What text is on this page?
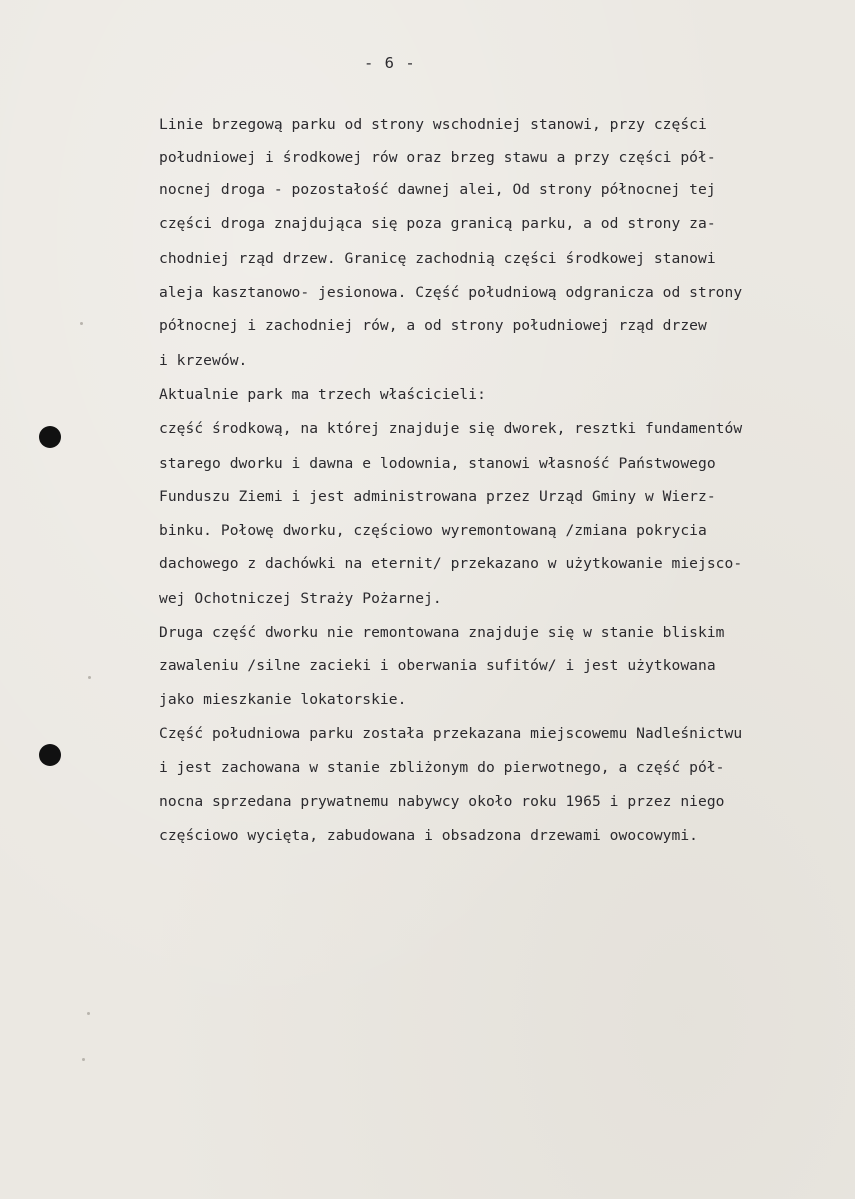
- 6 -
Linie brzegową parku od strony wschodniej stanowi, przy części
południowej i środkowej rów oraz brzeg stawu a przy części pół-
nocnej droga - pozostałość dawnej alei, Od strony północnej tej
części droga znajdująca się poza granicą parku, a od strony za-
chodniej rząd drzew. Granicę zachodnią części środkowej stanowi
aleja kasztanowo- jesionowa. Część południową odgranicza od strony
północnej i zachodniej rów, a od strony południowej rząd drzew
i krzewów.
Aktualnie park ma trzech właścicieli:
część środkową, na której znajduje się dworek, resztki fundamentów
starego dworku i dawna e lodownia, stanowi własność Państwowego
Funduszu Ziemi i jest administrowana przez Urząd Gminy w Wierz-
binku. Połowę dworku, częściowo wyremontowaną /zmiana pokrycia
dachowego z dachówki na eternit/ przekazano w użytkowanie miejsco-
wej Ochotniczej Straży Pożarnej.
Druga część dworku nie remontowana znajduje się w stanie bliskim
zawaleniu /silne zacieki i oberwania sufitów/ i jest użytkowana
jako mieszkanie lokatorskie.
Część południowa parku została przekazana miejscowemu Nadleśnictwu
i jest zachowana w stanie zbliżonym do pierwotnego, a część pół-
nocna sprzedana prywatnemu nabywcy około roku 1965 i przez niego
częściowo wycięta, zabudowana i obsadzona drzewami owocowymi.
